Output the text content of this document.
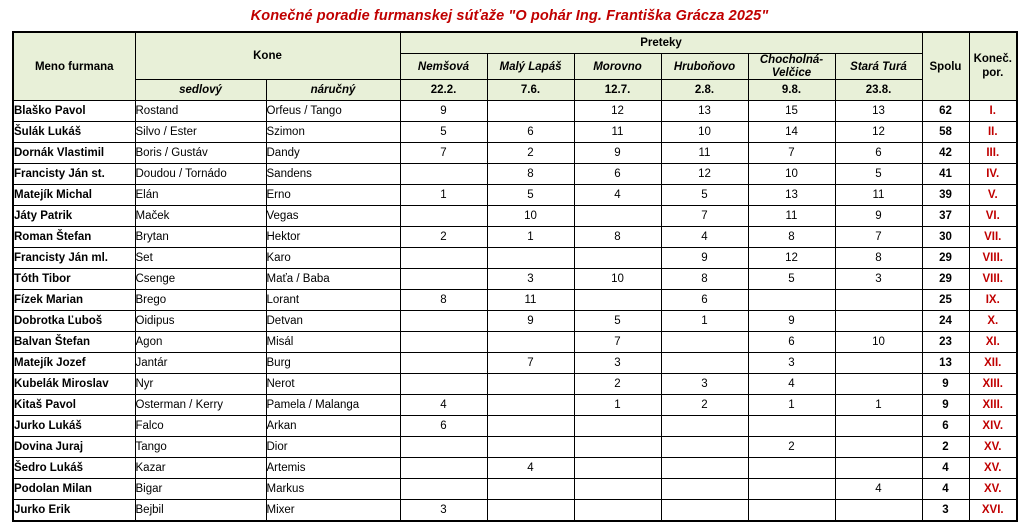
Konečné poradie furmanskej súťaže "O pohár Ing. Františka Grácza 2025"
Meno furmana	Kone		Preteky						Spolu	Koneč. por.
			Nemšová	Malý Lapáš	Morovno	Hruboňovo	Chocholná-Velčice	Stará Turá		
	sedlový	náručný	22.2.	7.6.	12.7.	2.8.	9.8.	23.8.		
Blaško Pavol	Rostand	Orfeus / Tango	9		12	13	15	13	62	I.
Šulák Lukáš	Silvo / Ester	Szimon	5	6	11	10	14	12	58	II.
Dornák Vlastimil	Boris / Gustáv	Dandy	7	2	9	11	7	6	42	III.
Francisty Ján st.	Doudou / Tornádo	Sandens		8	6	12	10	5	41	IV.
Matejík Michal	Elán	Erno	1	5	4	5	13	11	39	V.
Játy Patrik	Maček	Vegas		10		7	11	9	37	VI.
Roman Štefan	Brytan	Hektor	2	1	8	4	8	7	30	VII.
Francisty Ján ml.	Set	Karo				9	12	8	29	VIII.
Tóth Tibor	Csenge	Maťa / Baba		3	10	8	5	3	29	VIII.
Fízek Marian	Brego	Lorant	8	11		6			25	IX.
Dobrotka Ľuboš	Oidipus	Detvan		9	5	1	9		24	X.
Balvan Štefan	Agon	Misál			7		6	10	23	XI.
Matejík Jozef	Jantár	Burg		7	3		3		13	XII.
Kubelák Miroslav	Nyr	Nerot			2	3	4		9	XIII.
Kitaš Pavol	Osterman / Kerry	Pamela / Malanga	4		1	2	1	1	9	XIII.
Jurko Lukáš	Falco	Arkan	6						6	XIV.
Dovina Juraj	Tango	Dior					2		2	XV.
Šedro Lukáš	Kazar	Artemis		4					4	XV.
Podolan Milan	Bigar	Markus						4	4	XV.
Jurko Erik	Bejbil	Mixer	3						3	XVI.
